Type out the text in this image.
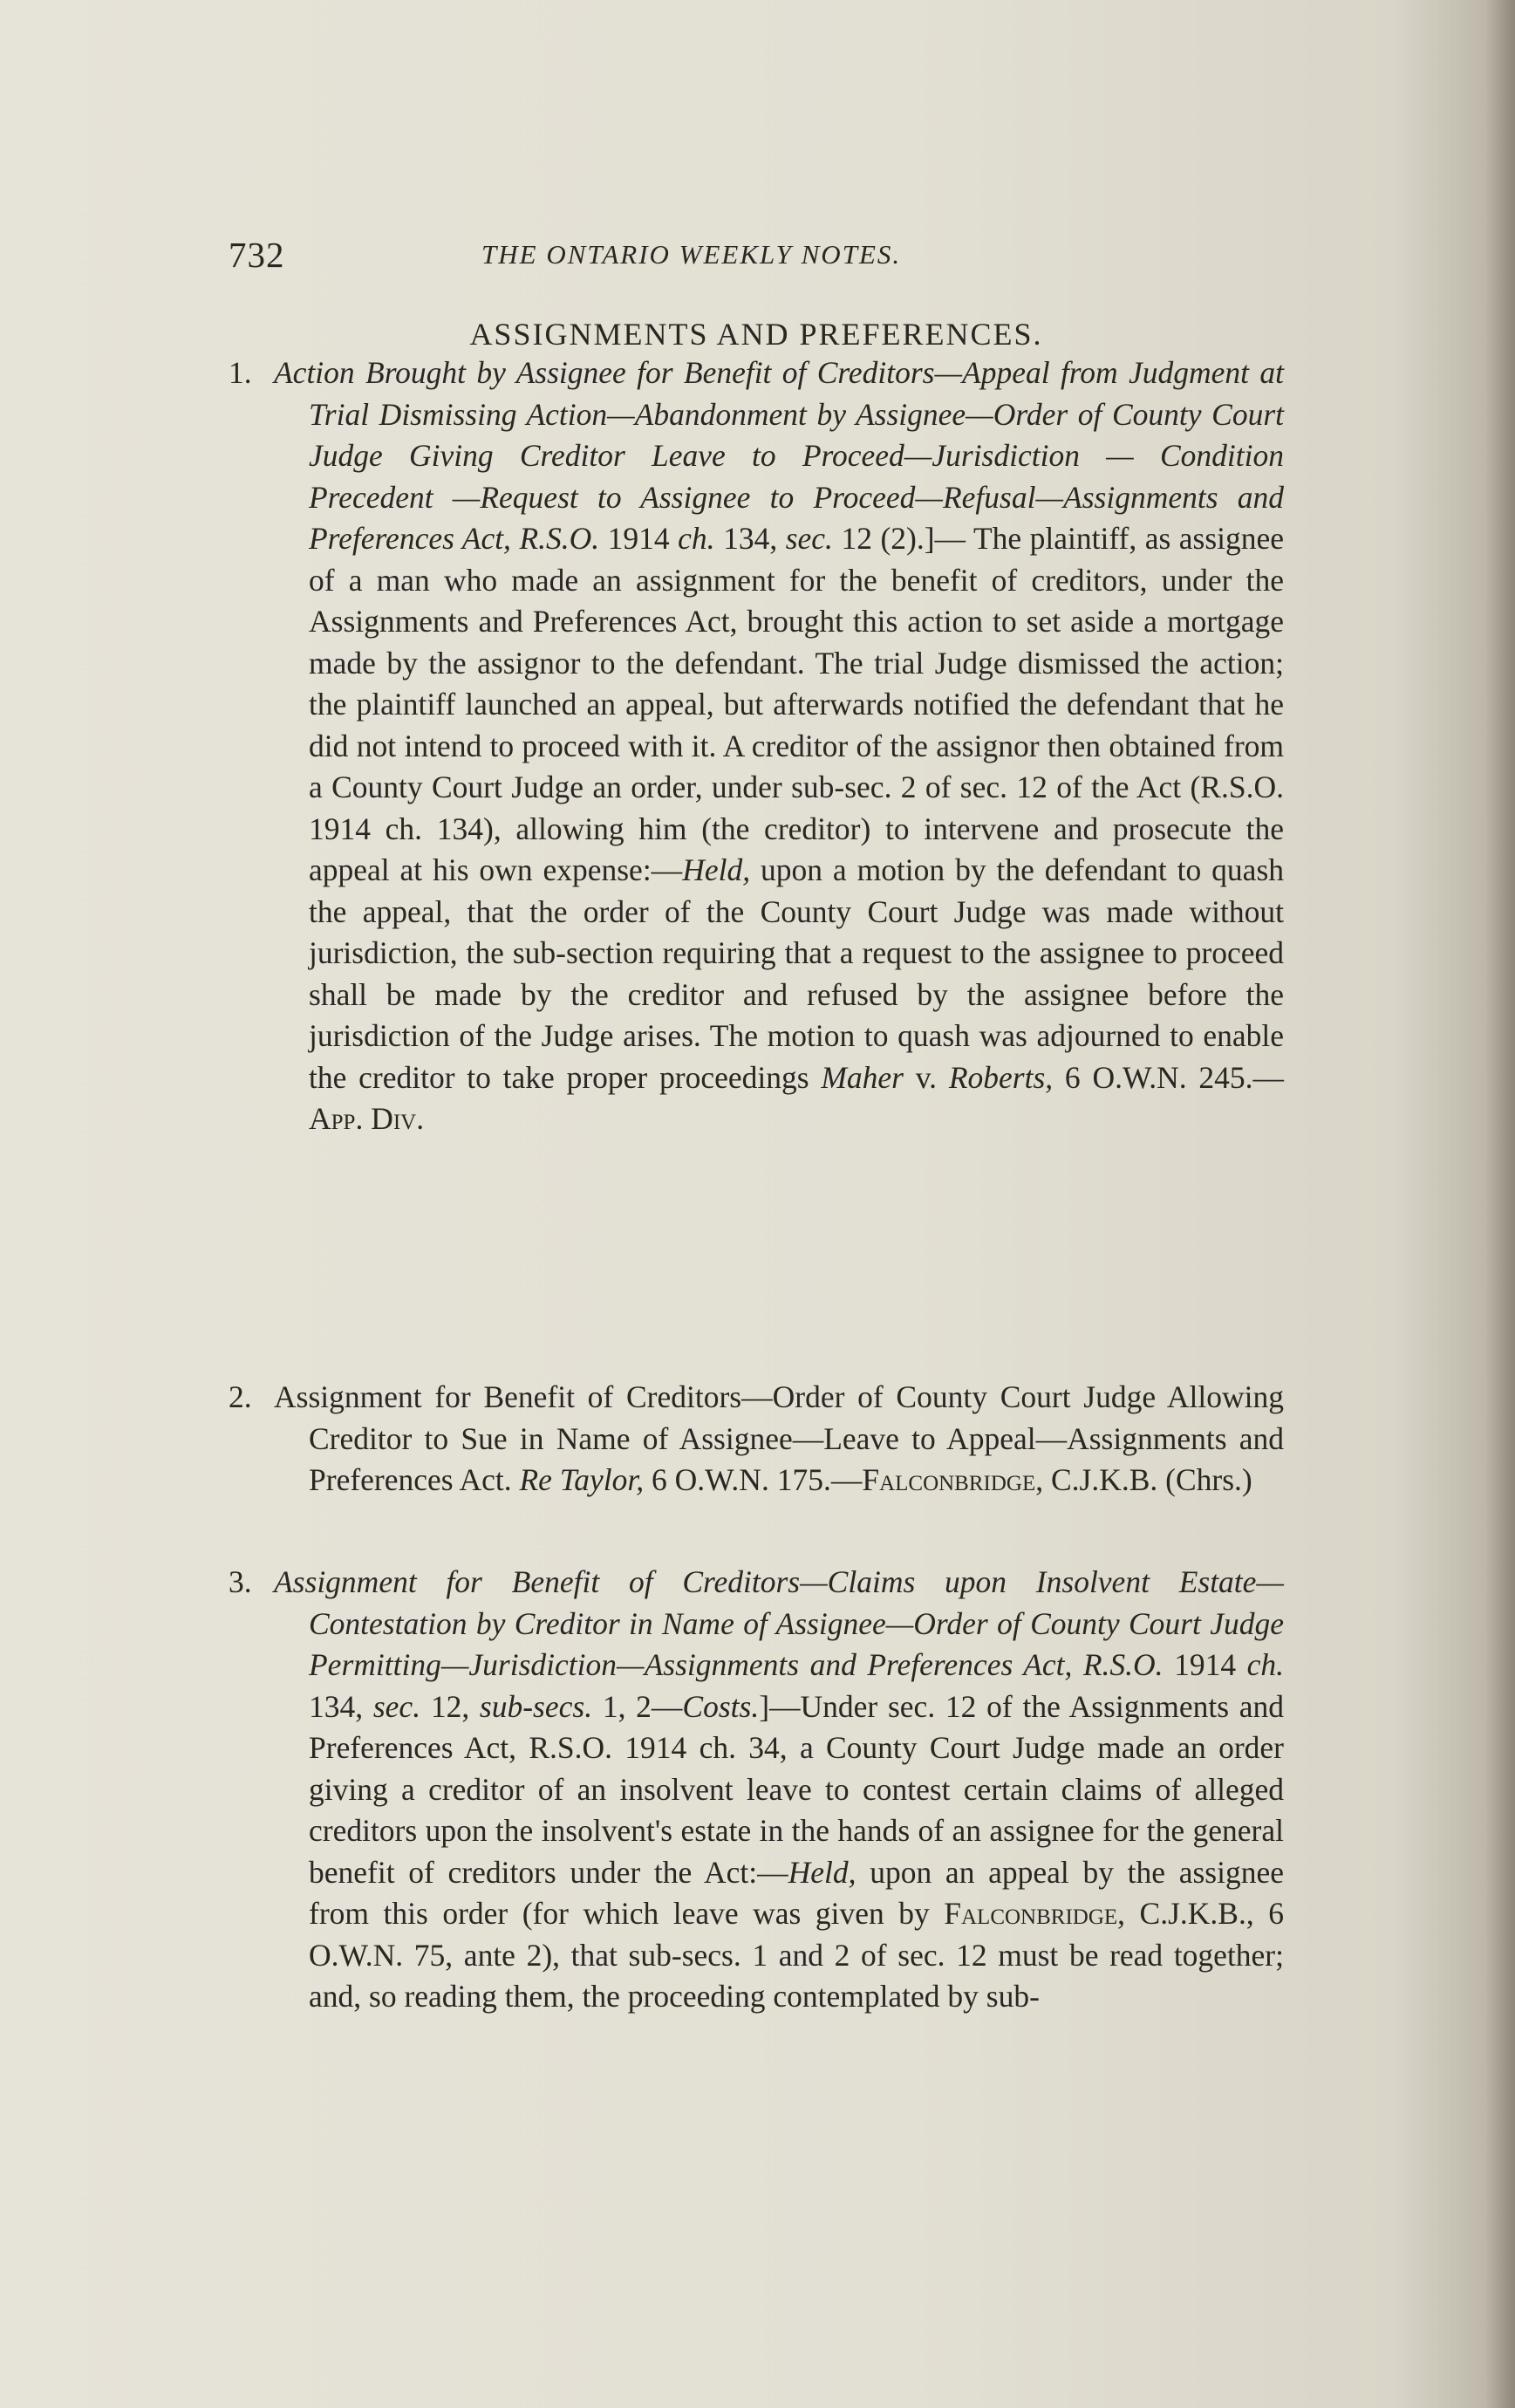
732	THE ONTARIO WEEKLY NOTES.
ASSIGNMENTS AND PREFERENCES.
1. Action Brought by Assignee for Benefit of Creditors—Appeal from Judgment at Trial Dismissing Action—Abandonment by Assignee—Order of County Court Judge Giving Creditor Leave to Proceed—Jurisdiction — Condition Precedent —Request to Assignee to Proceed—Refusal—Assignments and Preferences Act, R.S.O. 1914 ch. 134, sec. 12 (2).]— The plaintiff, as assignee of a man who made an assignment for the benefit of creditors, under the Assignments and Preferences Act, brought this action to set aside a mortgage made by the assignor to the defendant. The trial Judge dismissed the action; the plaintiff launched an appeal, but afterwards notified the defendant that he did not intend to proceed with it. A creditor of the assignor then obtained from a County Court Judge an order, under sub-sec. 2 of sec. 12 of the Act (R.S.O. 1914 ch. 134), allowing him (the creditor) to intervene and prosecute the appeal at his own expense:—Held, upon a motion by the defendant to quash the appeal, that the order of the County Court Judge was made without jurisdiction, the sub-section requiring that a request to the assignee to proceed shall be made by the creditor and refused by the assignee before the jurisdiction of the Judge arises. The motion to quash was adjourned to enable the creditor to take proper proceedings Maher v. Roberts, 6 O.W.N. 245.—App. Div.
2. Assignment for Benefit of Creditors—Order of County Court Judge Allowing Creditor to Sue in Name of Assignee—Leave to Appeal—Assignments and Preferences Act. Re Taylor, 6 O.W.N. 175.—Falconbridge, C.J.K.B. (Chrs.)
3. Assignment for Benefit of Creditors—Claims upon Insolvent Estate—Contestation by Creditor in Name of Assignee—Order of County Court Judge Permitting—Jurisdiction—Assignments and Preferences Act, R.S.O. 1914 ch. 134, sec. 12, sub-secs. 1, 2—Costs.]—Under sec. 12 of the Assignments and Preferences Act, R.S.O. 1914 ch. 34, a County Court Judge made an order giving a creditor of an insolvent leave to contest certain claims of alleged creditors upon the insolvent's estate in the hands of an assignee for the general benefit of creditors under the Act:—Held, upon an appeal by the assignee from this order (for which leave was given by Falconbridge, C.J.K.B., 6 O.W.N. 75, ante 2), that sub-secs. 1 and 2 of sec. 12 must be read together; and, so reading them, the proceeding contemplated by sub-
